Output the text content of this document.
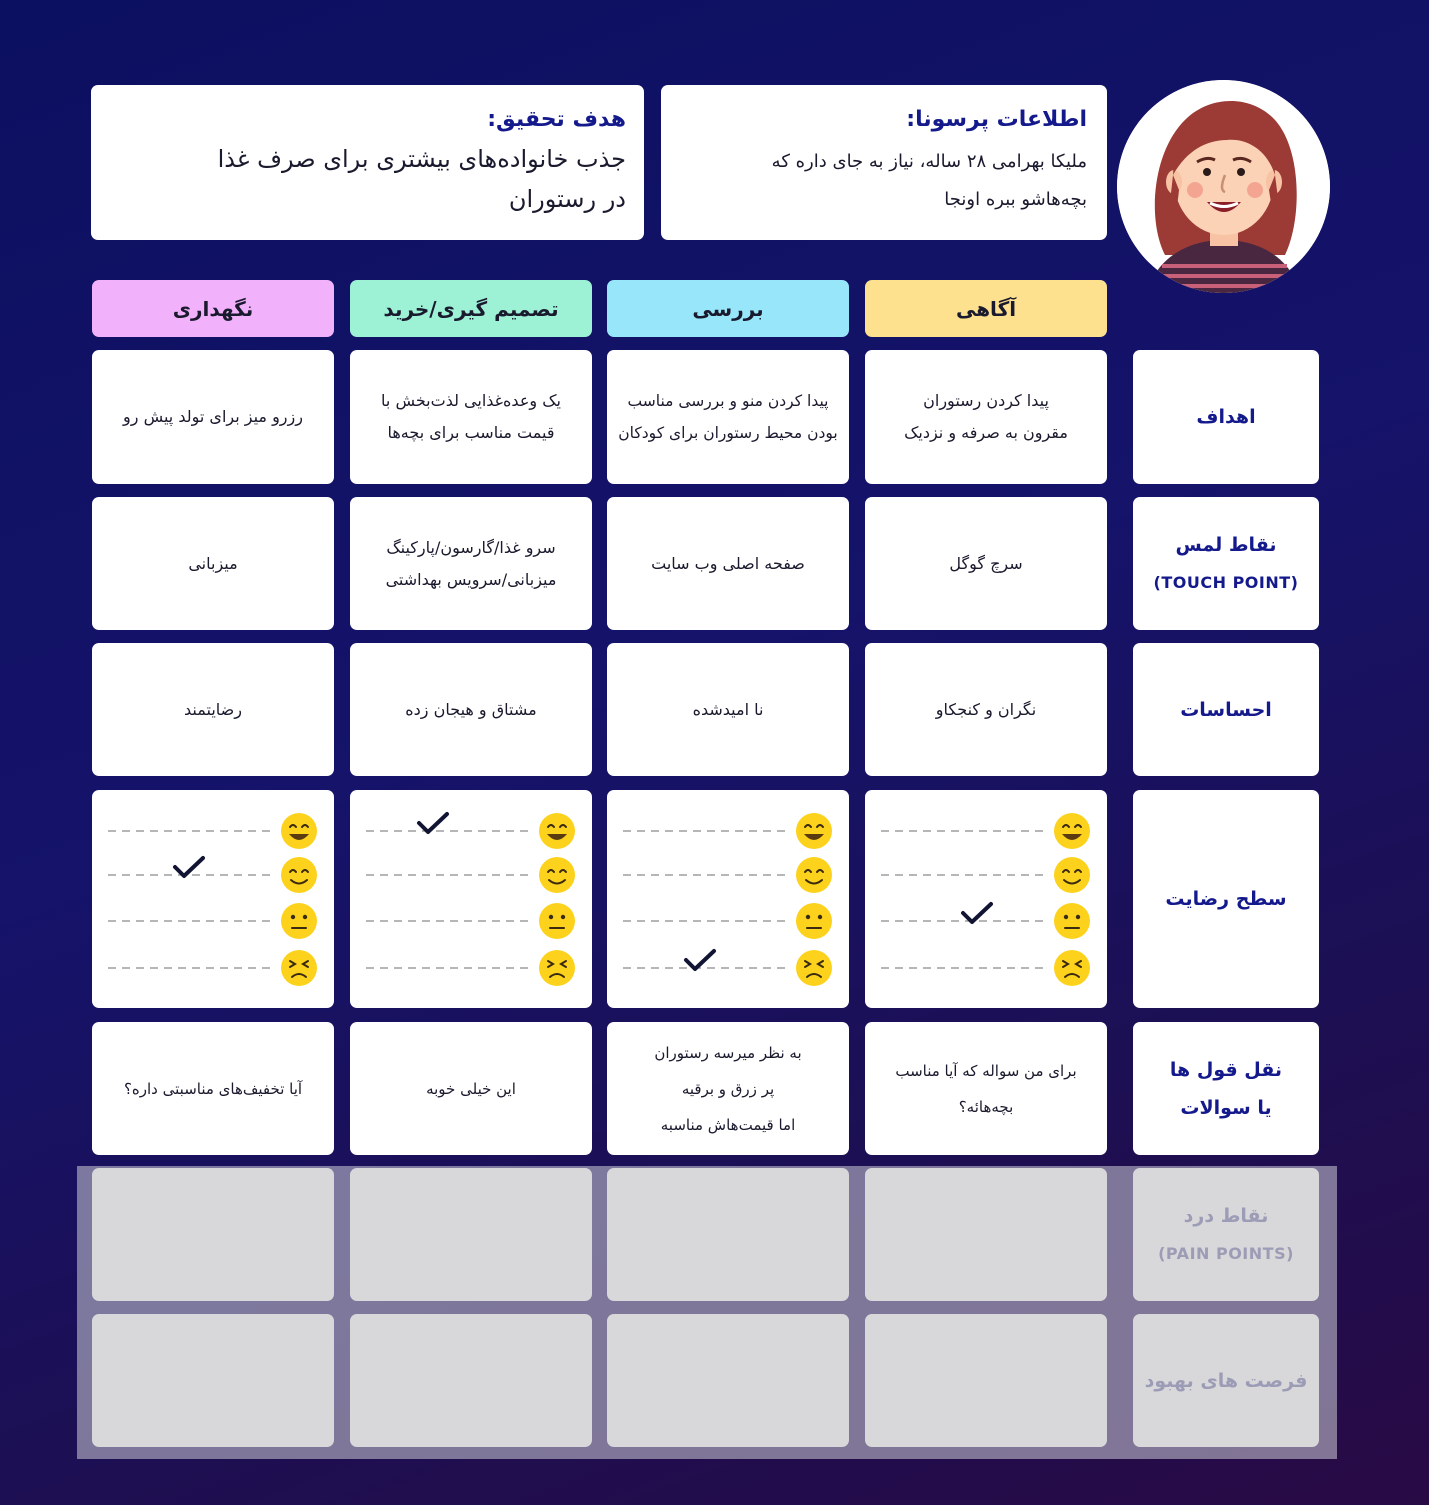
اطلاعات پرسونا:
ملیکا بهرامی ۲۸ ساله، نیاز به جای داره که
بچه‌هاشو ببره اونجا
هدف تحقیق:
جذب خانواده‌های بیشتری برای صرف غذا
در رستوران
آگاهی
بررسی
تصمیم گیری/خرید
نگهداری
اهداف
پیدا کردن رستوران
مقرون به صرفه و نزدیک
پیدا کردن منو و بررسی مناسب
بودن محیط رستوران برای کودکان
یک وعده‌غذایی لذت‌بخش با
قیمت مناسب برای بچه‌ها
رزرو میز برای تولد پیش رو
نقاط لمس
(TOUCH POINT)
سرچ گوگل
صفحه اصلی وب سایت
سرو غذا/گارسون/پارکینگ
میزبانی/سرویس بهداشتی
میزبانی
احساسات
نگران و کنجکاو
نا امیدشده
مشتاق و هیجان زده
رضایتمند
سطح رضایت
نقل قول ها
یا سوالات
برای من سواله که آیا مناسب
بچه‌هائه؟
به نظر میرسه رستوران
پر زرق و برقیه
اما قیمت‌هاش مناسبه
این خیلی خوبه
آیا تخفیف‌های مناسبتی داره؟
نقاط درد
(PAIN POINTS)
فرصت های بهبود
